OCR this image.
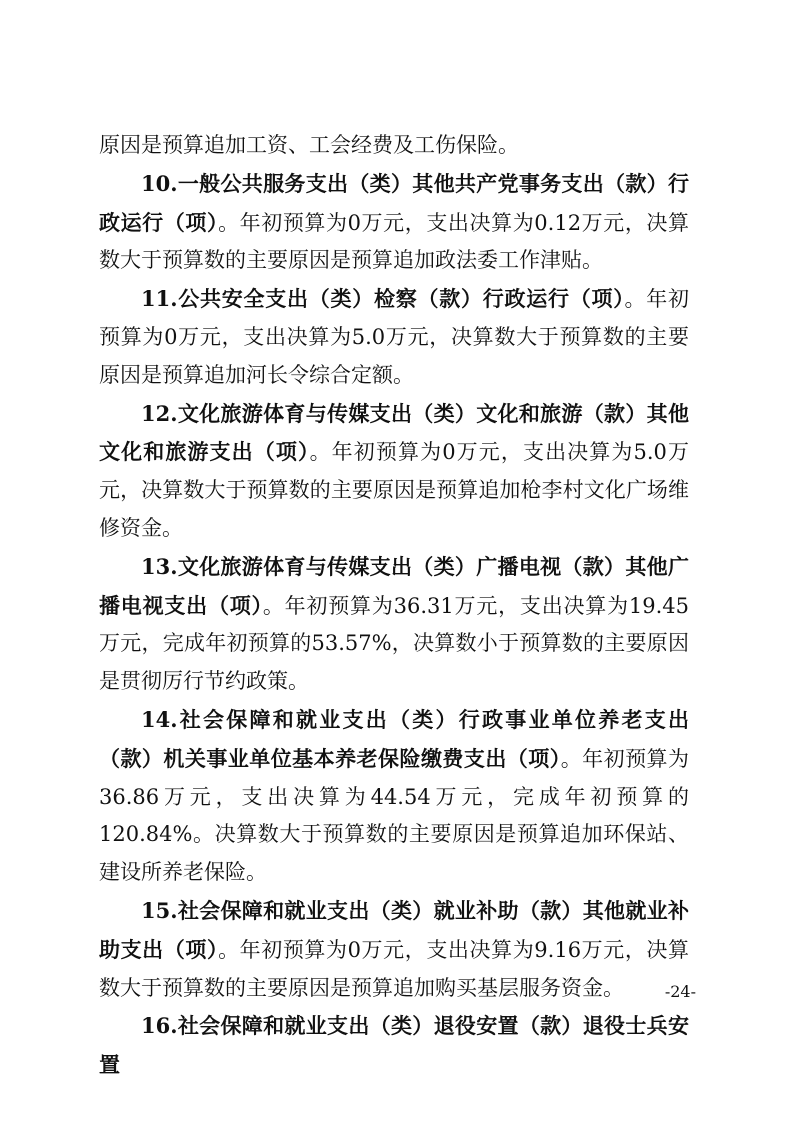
原因是预算追加工资、工会经费及工伤保险。

10.一般公共服务支出（类）其他共产党事务支出（款）行政运行（项）。年初预算为0万元，支出决算为0.12万元，决算数大于预算数的主要原因是预算追加政法委工作津贴。

11.公共安全支出（类）检察（款）行政运行（项）。年初预算为0万元，支出决算为5.0万元，决算数大于预算数的主要原因是预算追加河长令综合定额。

12.文化旅游体育与传媒支出（类）文化和旅游（款）其他文化和旅游支出（项）。年初预算为0万元，支出决算为5.0万元，决算数大于预算数的主要原因是预算追加枪李村文化广场维修资金。

13.文化旅游体育与传媒支出（类）广播电视（款）其他广播电视支出（项）。年初预算为36.31万元，支出决算为19.45万元，完成年初预算的53.57%，决算数小于预算数的主要原因是贯彻厉行节约政策。

14.社会保障和就业支出（类）行政事业单位养老支出（款）机关事业单位基本养老保险缴费支出（项）。年初预算为36.86万元，支出决算为44.54万元，完成年初预算的120.84%。决算数大于预算数的主要原因是预算追加环保站、建设所养老保险。

15.社会保障和就业支出（类）就业补助（款）其他就业补助支出（项）。年初预算为0万元，支出决算为9.16万元，决算数大于预算数的主要原因是预算追加购买基层服务资金。

16.社会保障和就业支出（类）退役安置（款）退役士兵安置

-24-
